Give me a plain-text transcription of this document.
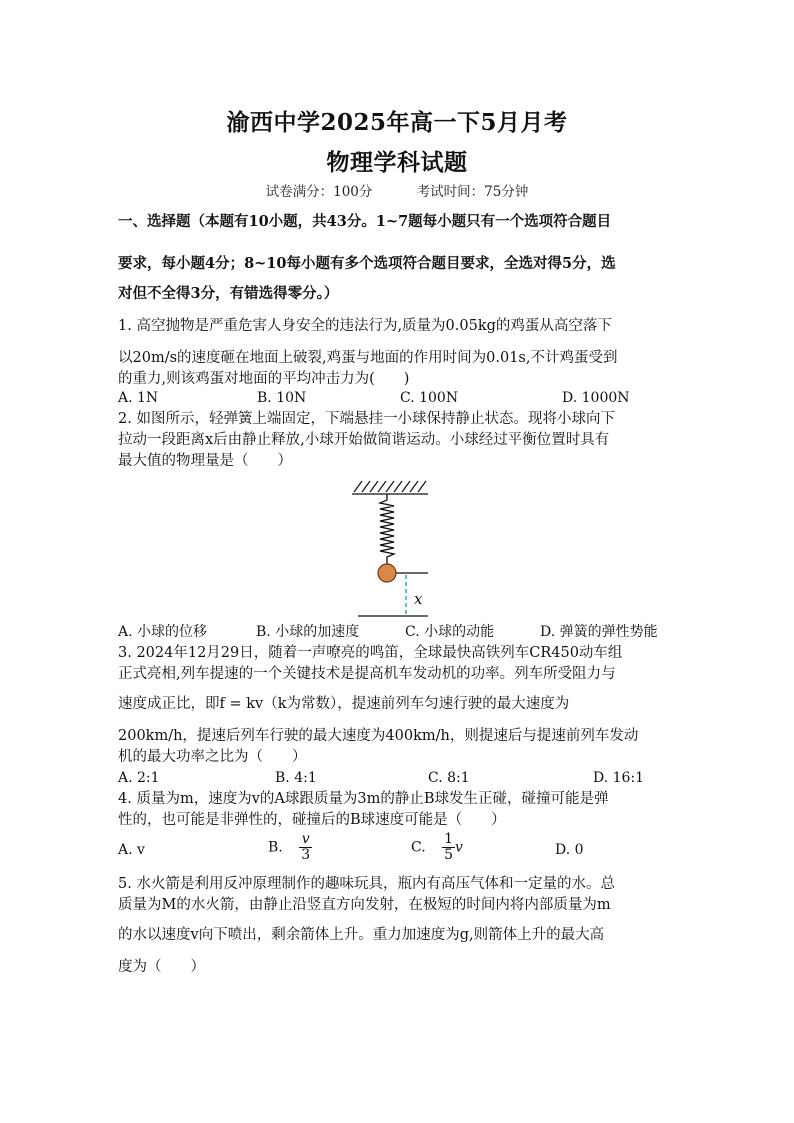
渝西中学2025年高一下5月月考
物理学科试题
试卷满分：100分	考试时间：75分钟
一、选择题（本题有10小题，共43分。1~7题每小题只有一个选项符合题目
要求，每小题4分；8~10每小题有多个选项符合题目要求，全选对得5分，选
对但不全得3分，有错选得零分。）
1. 高空抛物是严重危害人身安全的违法行为,质量为0.05kg的鸡蛋从高空落下
以20m/s的速度砸在地面上破裂,鸡蛋与地面的作用时间为0.01s,不计鸡蛋受到
的重力,则该鸡蛋对地面的平均冲击力为(　　)
A. 1N	B. 10N	C. 100N	D. 1000N
2. 如图所示，轻弹簧上端固定，下端悬挂一小球保持静止状态。现将小球向下
拉动一段距离x后由静止释放,小球开始做简谐运动。小球经过平衡位置时具有
最大值的物理量是（　　）
x
A. 小球的位移	B. 小球的加速度	C. 小球的动能	D. 弹簧的弹性势能
3. 2024年12月29日，随着一声嘹亮的鸣笛，全球最快高铁列车CR450动车组
正式亮相,列车提速的一个关键技术是提高机车发动机的功率。列车所受阻力与
速度成正比，即f = kv（k为常数），提速前列车匀速行驶的最大速度为
200km/h，提速后列车行驶的最大速度为400km/h，则提速后与提速前列车发动
机的最大功率之比为（　　）
A. 2:1	B. 4:1	C. 8:1	D. 16:1
4. 质量为m，速度为v的A球跟质量为3m的静止B球发生正碰，碰撞可能是弹
性的，也可能是非弹性的，碰撞后的B球速度可能是（　　）
A. v	B. $\frac{v}{3}$	C. $\frac{1}{5}$ v	D. 0
5. 水火箭是利用反冲原理制作的趣味玩具，瓶内有高压气体和一定量的水。总
质量为M的水火箭，由静止沿竖直方向发射，在极短的时间内将内部质量为m
的水以速度v向下喷出，剩余箭体上升。重力加速度为g,则箭体上升的最大高
度为（　　）
